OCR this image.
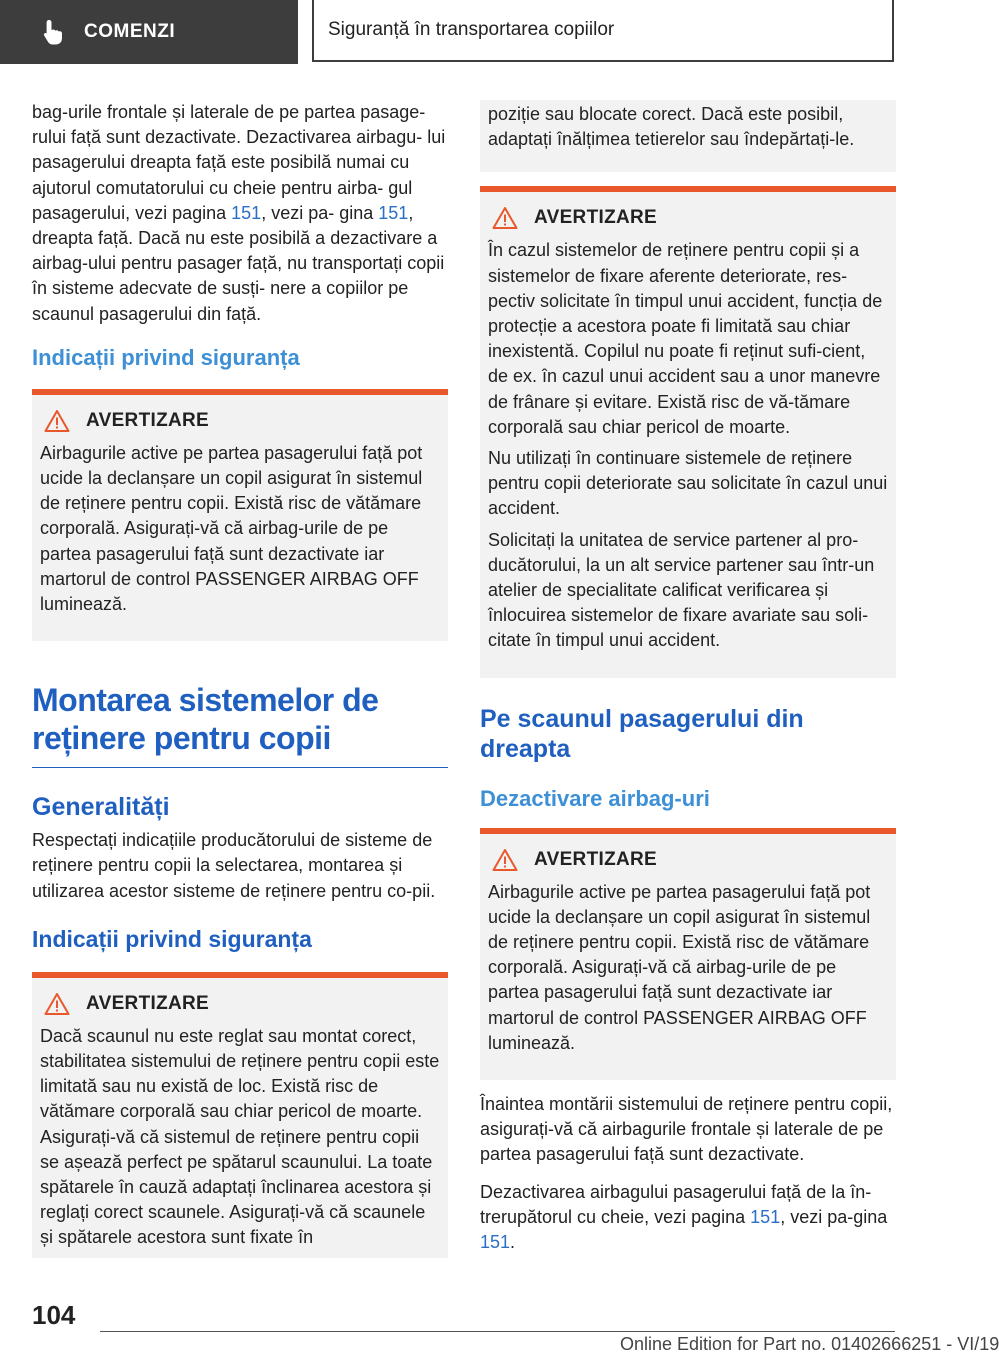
COMENZI	Siguranță în transportarea copiilor

bag-urile frontale și laterale de pe partea pasage- rului față sunt dezactivate. Dezactivarea airbagu- lui pasagerului dreapta față este posibilă numai cu ajutorul comutatorului cu cheie pentru airba- gul pasagerului, vezi pagina 151, vezi pa- gina 151, dreapta față. Dacă nu este posibilă a dezactivare a airbag-ului pentru pasager față, nu transportați copii în sisteme adecvate de susți- nere a copiilor pe scaunul pasagerului din față.

Indicații privind siguranța
AVERTIZARE

Airbagurile active pe partea pasagerului față pot ucide la declanșare un copil asigurat în sistemul de reținere pentru copii. Există risc de vătămare corporală. Asigurați-vă că airbag-urile de pe partea pasagerului față sunt dezactivate iar martorul de control PASSENGER AIRBAG OFF luminează.

Montarea sistemelor de
reținere pentru copii
Generalități

Respectați indicațiile producătorului de sisteme de reținere pentru copii la selectarea, montarea și utilizarea acestor sisteme de reținere pentru co-pii.

Indicații privind siguranța
AVERTIZARE

Dacă scaunul nu este reglat sau montat corect, stabilitatea sistemului de reținere pentru copii este limitată sau nu există de loc. Există risc de vătămare corporală sau chiar pericol de moarte. Asigurați-vă că sistemul de reținere pentru copii se așează perfect pe spătarul scaunului. La toate spătarele în cauză adaptați înclinarea acestora și reglați corect scaunele. Asigurați-vă că scaunele și spătarele acestora sunt fixate în

poziție sau blocate corect. Dacă este posibil, adaptați înălțimea tetierelor sau îndepărtați-le.

AVERTIZARE

În cazul sistemelor de reținere pentru copii și a sistemelor de fixare aferente deteriorate, res-pectiv solicitate în timpul unui accident, funcția de protecție a acestora poate fi limitată sau chiar inexistentă. Copilul nu poate fi reținut sufi-cient, de ex. în cazul unui accident sau a unor manevre de frânare și evitare. Există risc de vă-tămare corporală sau chiar pericol de moarte.

Nu utilizați în continuare sistemele de reținere pentru copii deteriorate sau solicitate în cazul unui accident.

Solicitați la unitatea de service partener al pro-ducătorului, la un alt service partener sau într-un atelier de specialitate calificat verificarea și înlocuirea sistemelor de fixare avariate sau soli-citate în timpul unui accident.

Pe scaunul pasagerului din
dreapta
Dezactivare airbag-uri
AVERTIZARE

Airbagurile active pe partea pasagerului față pot ucide la declanșare un copil asigurat în sistemul de reținere pentru copii. Există risc de vătămare corporală. Asigurați-vă că airbag-urile de pe partea pasagerului față sunt dezactivate iar martorul de control PASSENGER AIRBAG OFF luminează.

Înaintea montării sistemului de reținere pentru copii, asigurați-vă că airbagurile frontale și laterale de pe partea pasagerului față sunt dezactivate.

Dezactivarea airbagului pasagerului față de la în-trerupătorul cu cheie, vezi pagina 151, vezi pa-gina 151.

104
Online Edition for Part no. 01402666251 - VI/19
